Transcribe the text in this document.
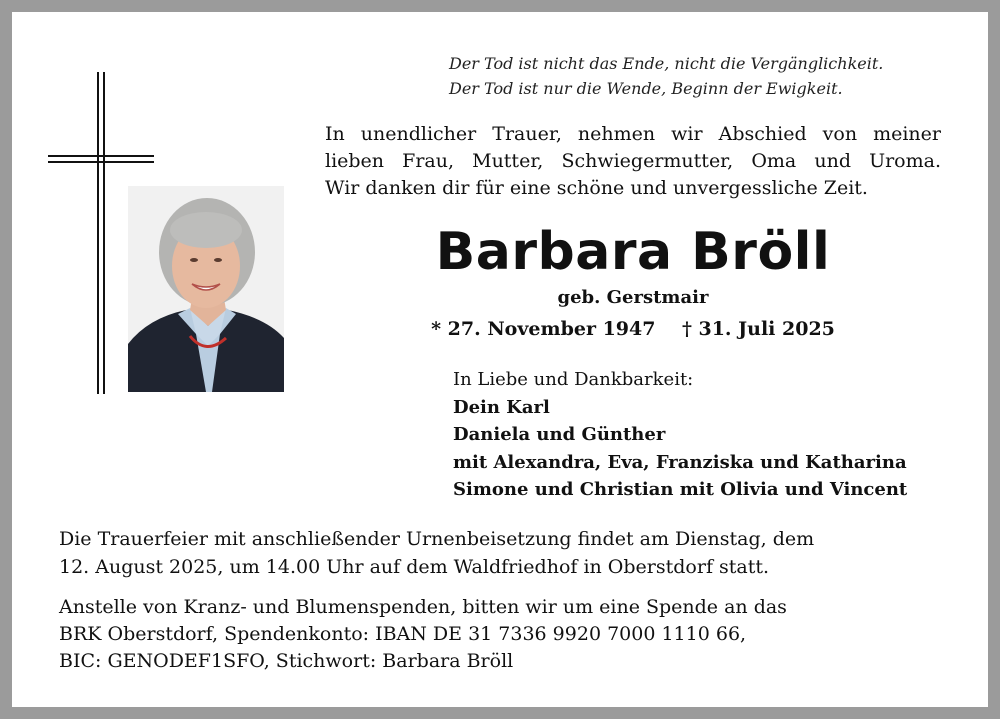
Der Tod ist nicht das Ende, nicht die Vergänglichkeit.
Der Tod ist nur die Wende, Beginn der Ewigkeit.
In unendlicher Trauer, nehmen wir Abschied von meiner
lieben Frau, Mutter, Schwiegermutter, Oma und Uroma.
Wir danken dir für eine schöne und unvergessliche Zeit.
Barbara Bröll
geb. Gerstmair
* 27. November 1947 † 31. Juli 2025
In Liebe und Dankbarkeit:
Dein Karl
Daniela und Günther
mit Alexandra, Eva, Franziska und Katharina
Simone und Christian mit Olivia und Vincent
Die Trauerfeier mit anschließender Urnenbeisetzung findet am Dienstag, dem
12. August 2025, um 14.00 Uhr auf dem Waldfriedhof in Oberstdorf statt.
Anstelle von Kranz- und Blumenspenden, bitten wir um eine Spende an das
BRK Oberstdorf, Spendenkonto: IBAN DE 31 7336 9920 7000 1110 66,
BIC: GENODEF1SFO, Stichwort: Barbara Bröll
